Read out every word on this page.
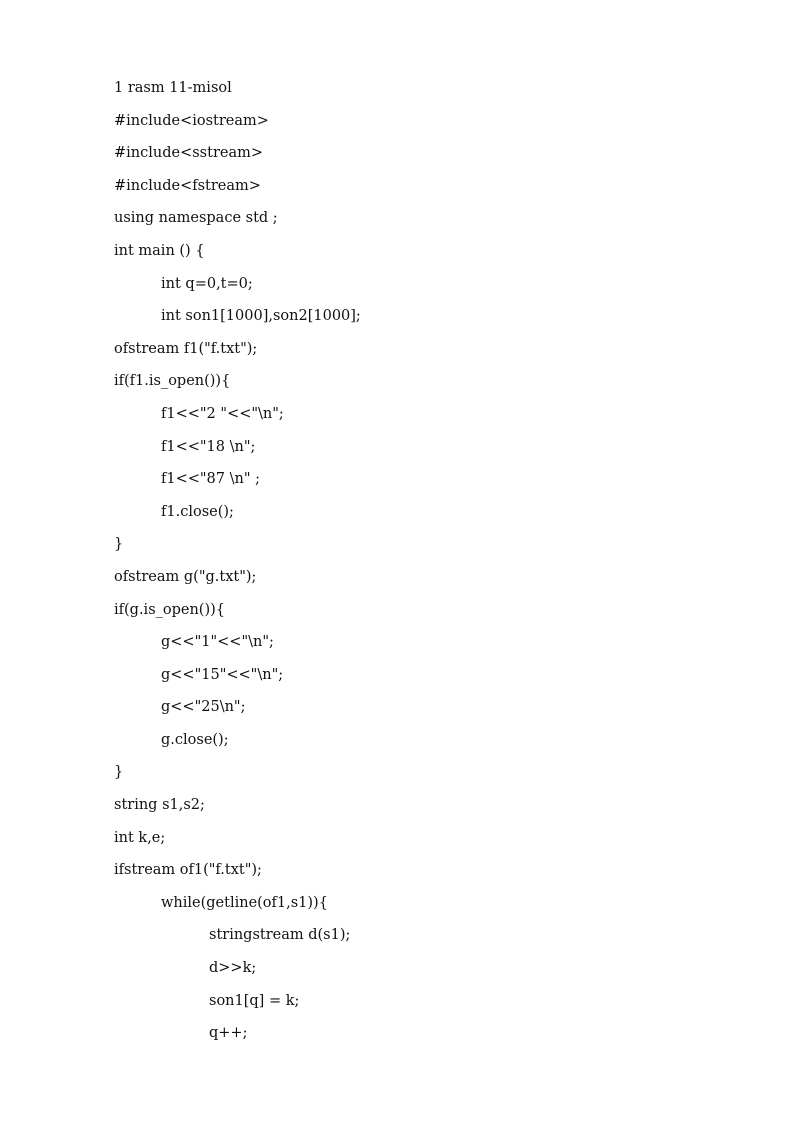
1 rasm 11-misol
#include<iostream>
#include<sstream>
#include<fstream>
using namespace std ;
int main () {
int q=0,t=0;
int son1[1000],son2[1000];
ofstream f1("f.txt");
if(f1.is_open()){
f1<<"2 "<<"\n";
f1<<"18 \n";
f1<<"87 \n" ;
f1.close();
}
ofstream g("g.txt");
if(g.is_open()){
g<<"1"<<"\n";
g<<"15"<<"\n";
g<<"25\n";
g.close();
}
string s1,s2;
int k,e;
ifstream of1("f.txt");
while(getline(of1,s1)){
stringstream d(s1);
d>>k;
son1[q] = k;
q++;
